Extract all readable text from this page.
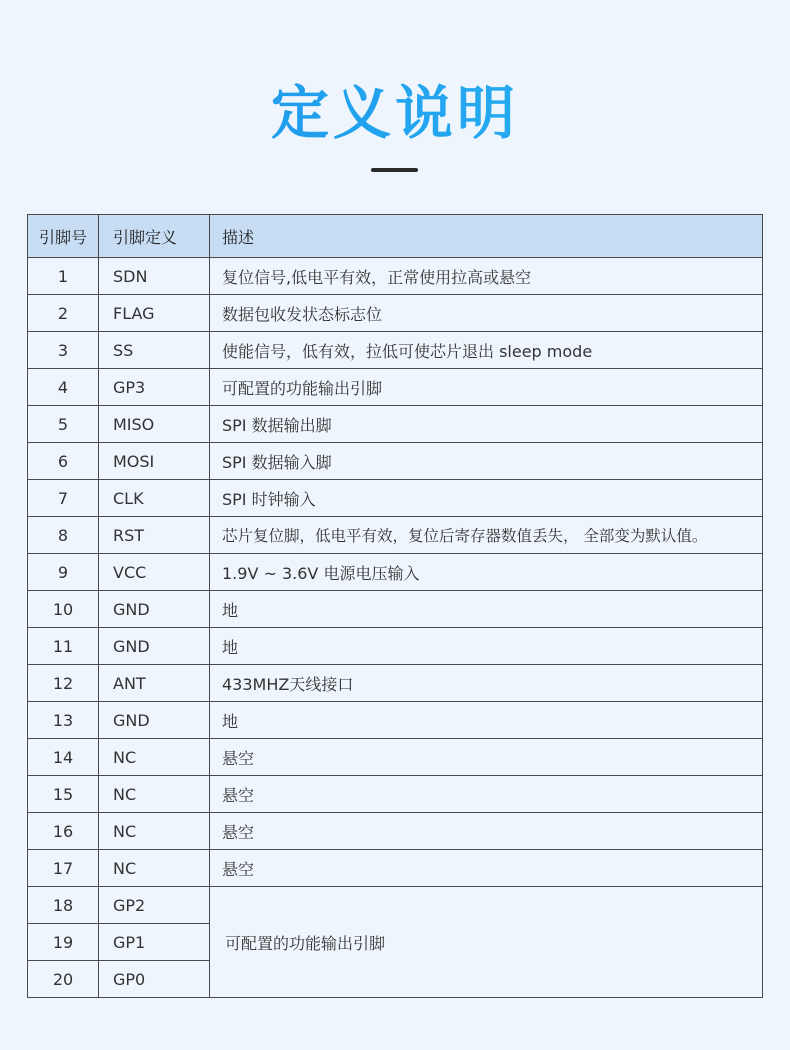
定义说明
引脚号	引脚定义	描述
1	SDN	复位信号,低电平有效，正常使用拉高或悬空
2	FLAG	数据包收发状态标志位
3	SS	使能信号，低有效，拉低可使芯片退出 sleep mode
4	GP3	可配置的功能输出引脚
5	MISO	SPI 数据输出脚
6	MOSI	SPI 数据输入脚
7	CLK	SPI 时钟输入
8	RST	芯片复位脚，低电平有效，复位后寄存器数值丢失， 全部变为默认值。
9	VCC	1.9V ~ 3.6V 电源电压输入
10	GND	地
11	GND	地
12	ANT	433MHZ天线接口
13	GND	地
14	NC	悬空
15	NC	悬空
16	NC	悬空
17	NC	悬空
18	GP2	可配置的功能输出引脚
19	GP1	
20	GP0	
